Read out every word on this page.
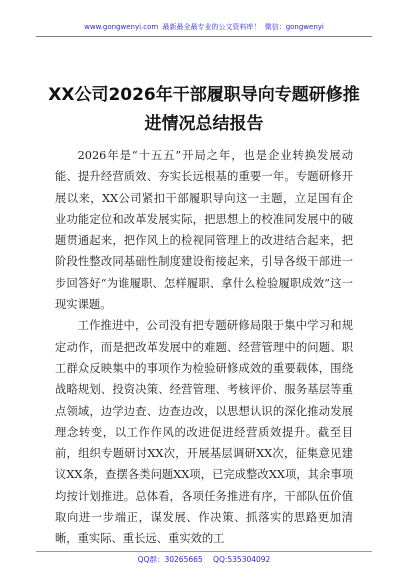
www.gongwenyi.com 最新最全最专业的公文资料库！ 微信：gongwenyi
XX公司2026年干部履职导向专题研修推进情况总结报告

2026年是“十五五”开局之年，也是企业转换发展动能、提升经营质效、夯实长远根基的重要一年。专题研修开展以来，XX公司紧扣干部履职导向这一主题，立足国有企业功能定位和改革发展实际，把思想上的校准同发展中的破题贯通起来，把作风上的检视同管理上的改进结合起来，把阶段性整改同基础性制度建设衔接起来，引导各级干部进一步回答好“为谁履职、怎样履职、拿什么检验履职成效”这一现实课题。

工作推进中，公司没有把专题研修局限于集中学习和规定动作，而是把改革发展中的难题、经营管理中的问题、职工群众反映集中的事项作为检验研修成效的重要载体，围绕战略规划、投资决策、经营管理、考核评价、服务基层等重点领域，边学边查、边查边改，以思想认识的深化推动发展理念转变，以工作作风的改进促进经营质效提升。截至目前，组织专题研讨XX次，开展基层调研XX次，征集意见建议XX条，查摆各类问题XX项，已完成整改XX项，其余事项均按计划推进。总体看，各项任务推进有序，干部队伍价值取向进一步端正，谋发展、作决策、抓落实的思路更加清晰，重实际、重长远、重实效的工

QQ群：30265665 QQ:535304092
